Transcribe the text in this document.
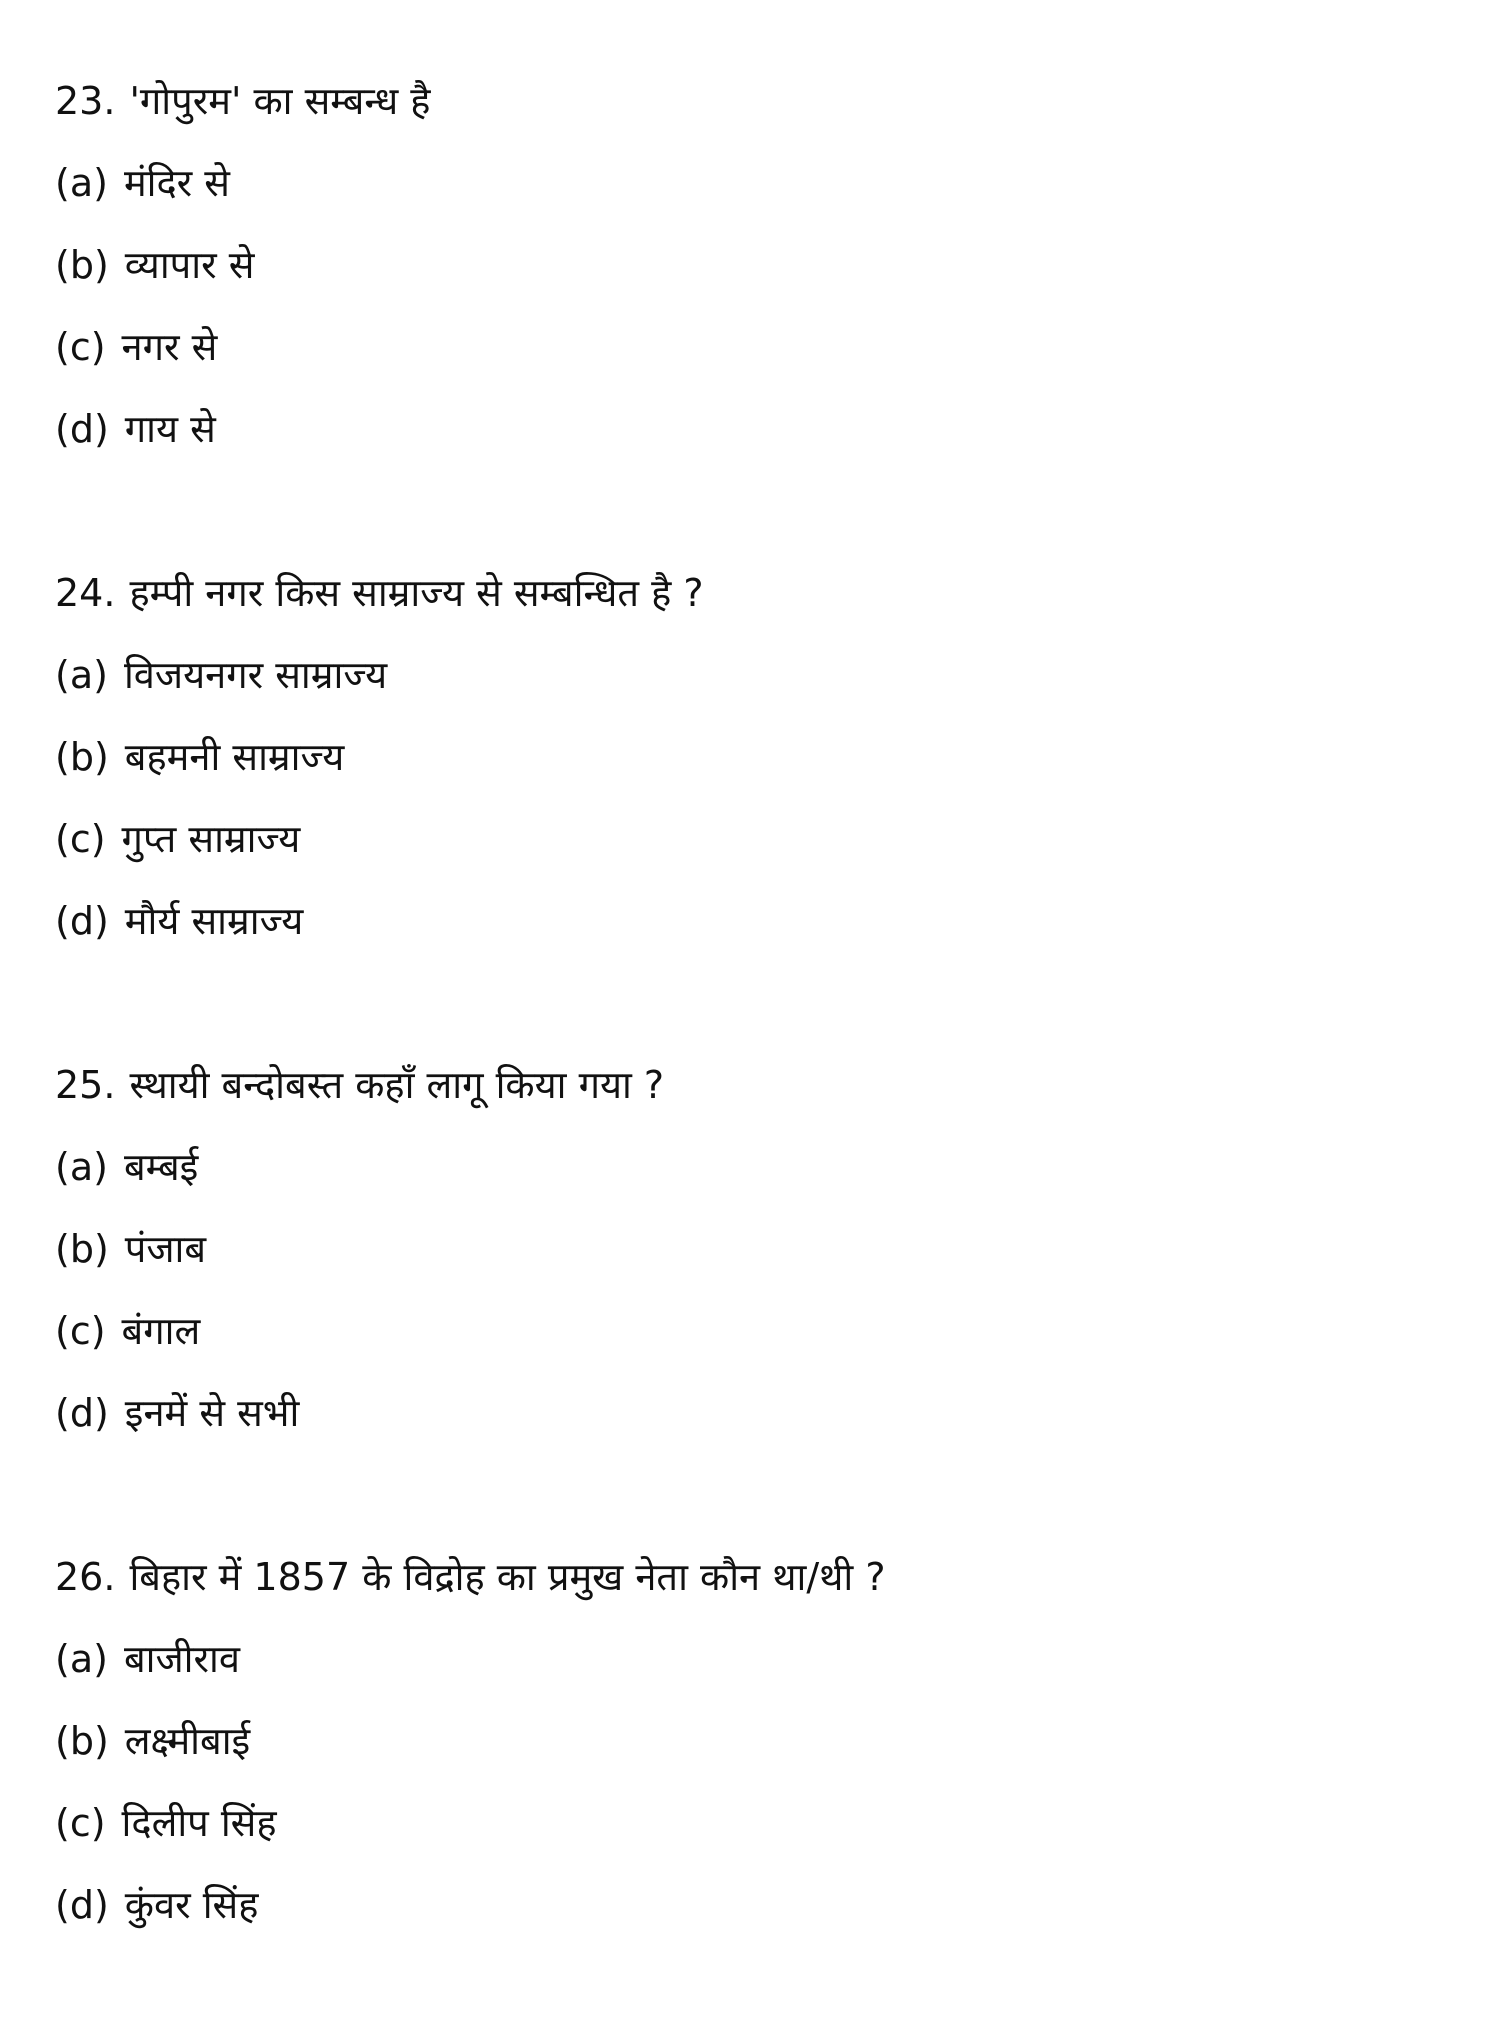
23. 'गोपुरम' का सम्बन्ध है
(a) मंदिर से
(b) व्यापार से
(c) नगर से
(d) गाय से
24. हम्पी नगर किस साम्राज्य से सम्बन्धित है ?
(a) विजयनगर साम्राज्य
(b) बहमनी साम्राज्य
(c) गुप्त साम्राज्य
(d) मौर्य साम्राज्य
25. स्थायी बन्दोबस्त कहाँ लागू किया गया ?
(a) बम्बई
(b) पंजाब
(c) बंगाल
(d) इनमें से सभी
26. बिहार में 1857 के विद्रोह का प्रमुख नेता कौन था/थी ?
(a) बाजीराव
(b) लक्ष्मीबाई
(c) दिलीप सिंह
(d) कुंवर सिंह
